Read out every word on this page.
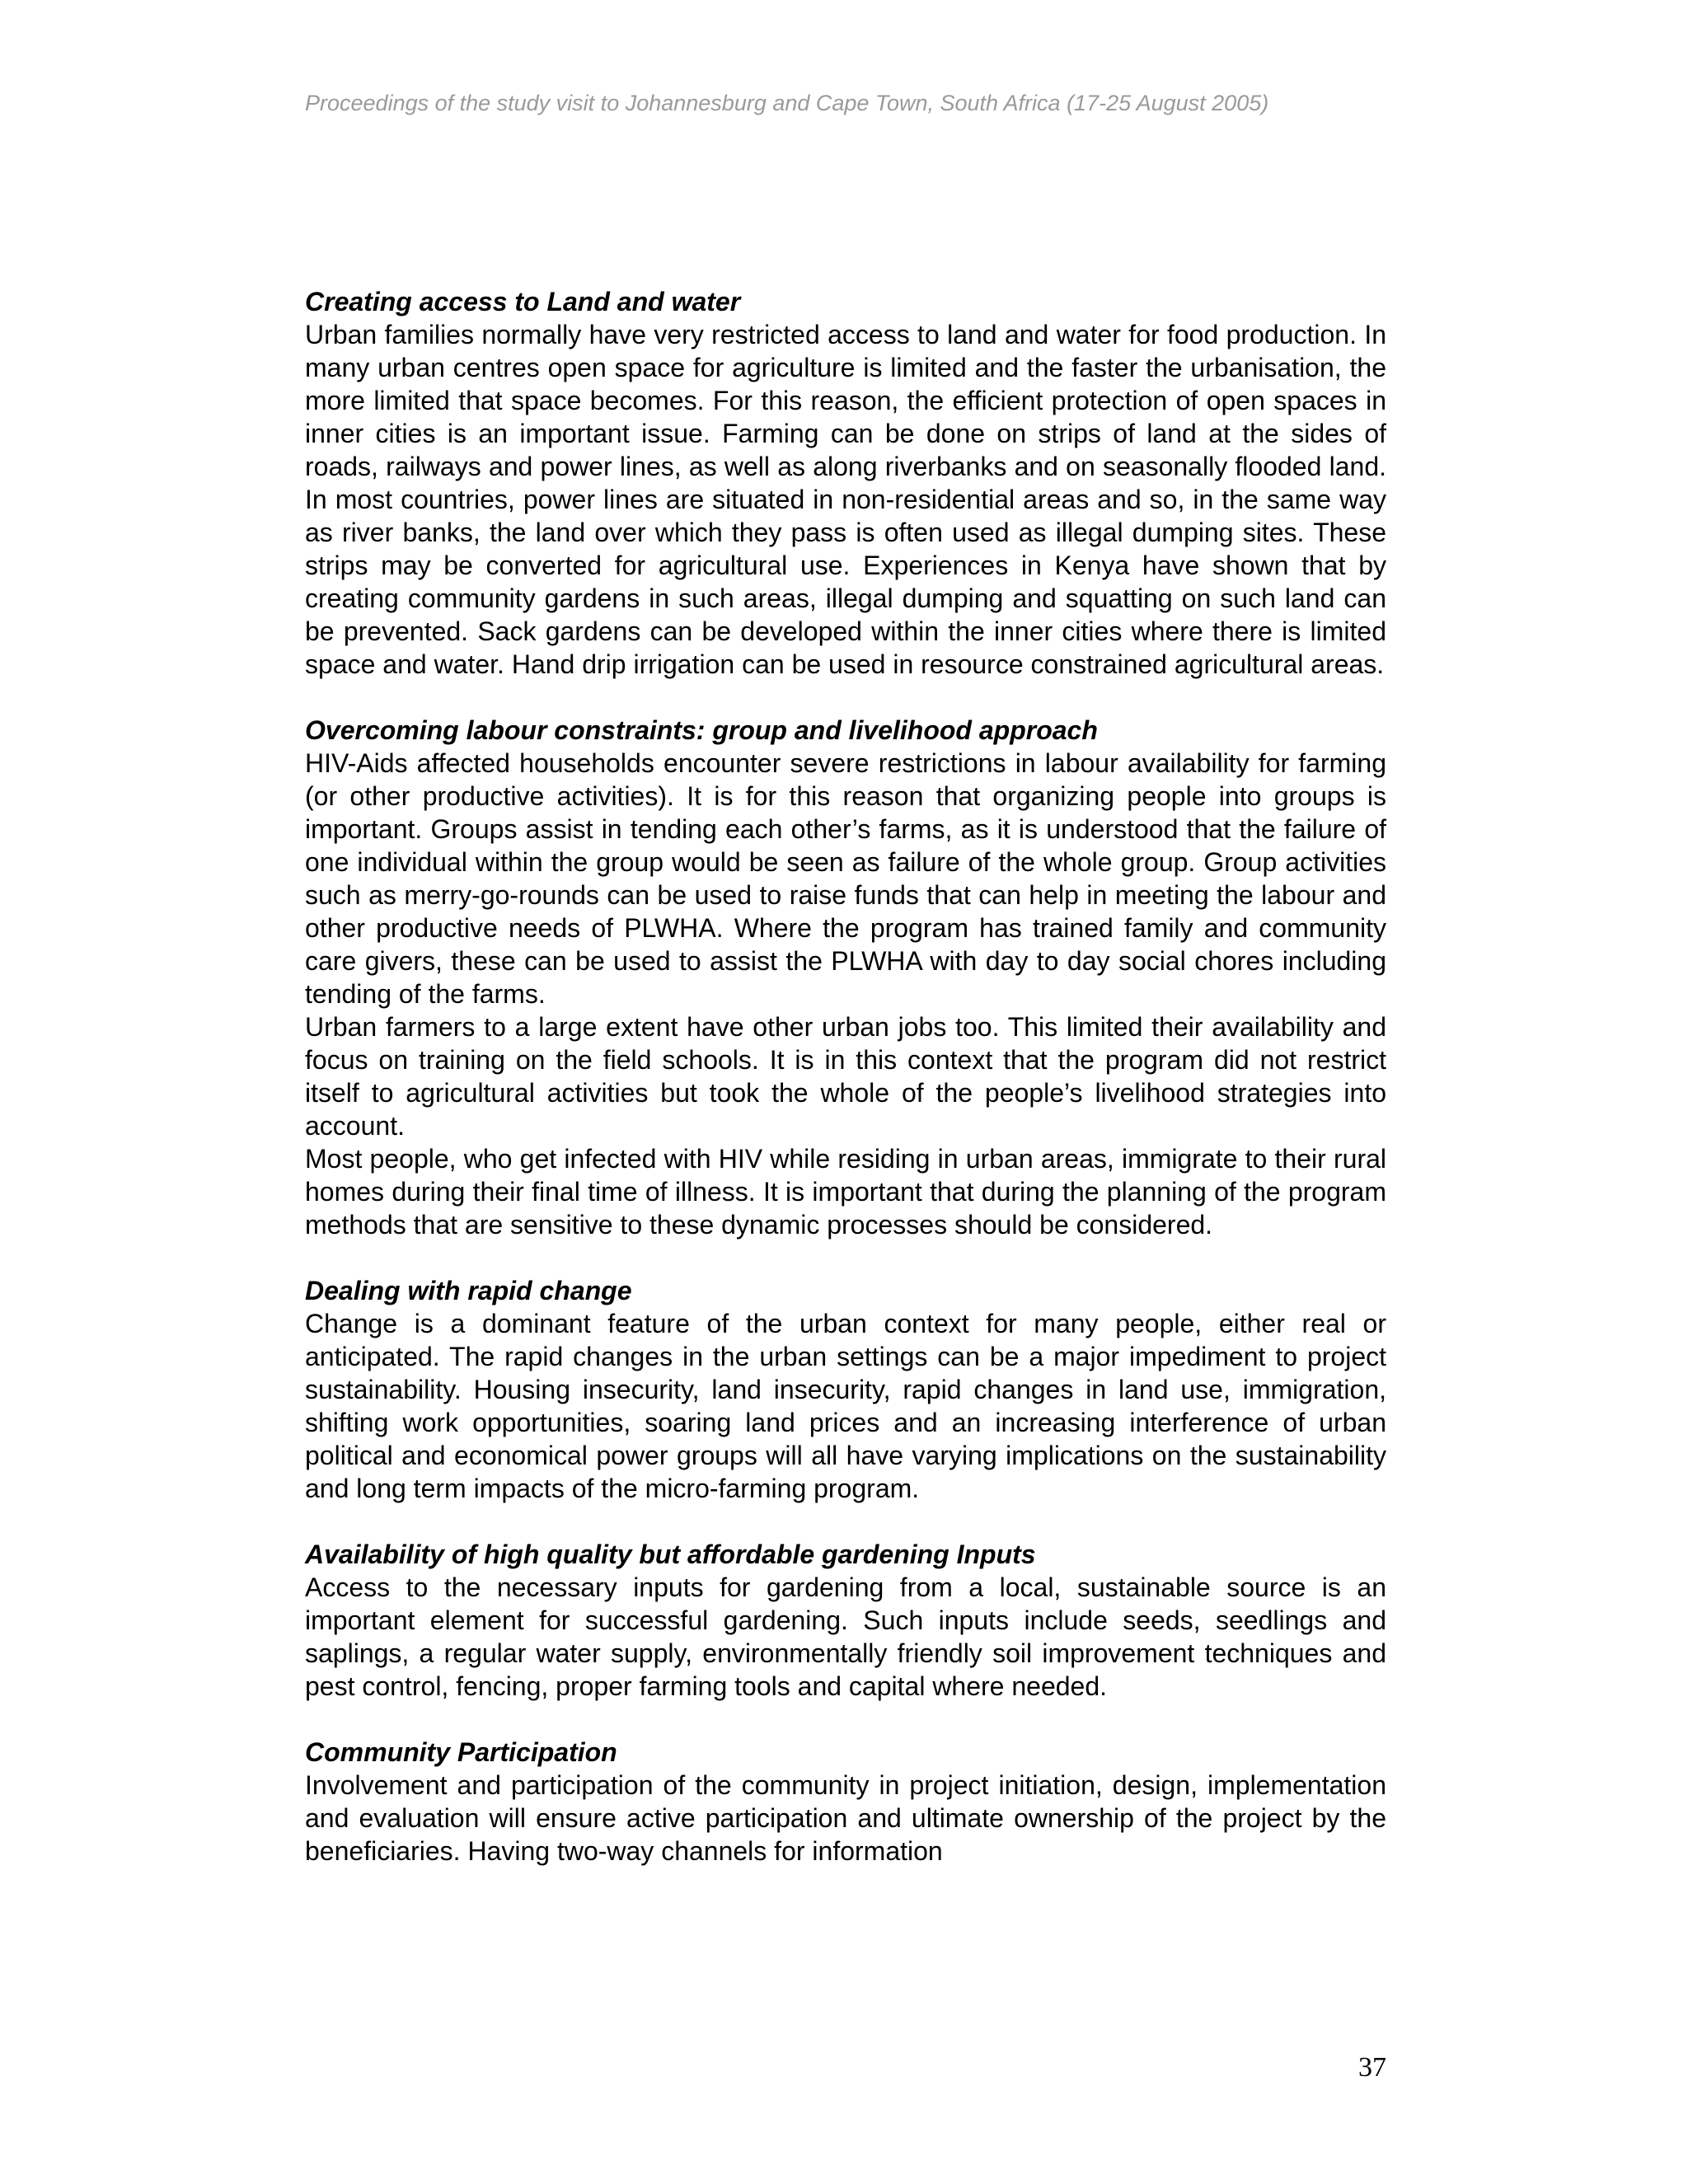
Proceedings of the study visit to Johannesburg and Cape Town, South Africa (17-25 August 2005)

Creating access to Land and water

Urban families normally have very restricted access to land and water for food production. In many urban centres open space for agriculture is limited and the faster the urbanisation, the more limited that space becomes. For this reason, the efficient protection of open spaces in inner cities is an important issue. Farming can be done on strips of land at the sides of roads, railways and power lines, as well as along riverbanks and on seasonally flooded land. In most countries, power lines are situated in non-residential areas and so, in the same way as river banks, the land over which they pass is often used as illegal dumping sites. These strips may be converted for agricultural use. Experiences in Kenya have shown that by creating community gardens in such areas, illegal dumping and squatting on such land can be prevented. Sack gardens can be developed within the inner cities where there is limited space and water. Hand drip irrigation can be used in resource constrained agricultural areas.

Overcoming labour constraints: group and livelihood approach

HIV-Aids affected households encounter severe restrictions in labour availability for farming (or other productive activities). It is for this reason that organizing people into groups is important. Groups assist in tending each other’s farms, as it is understood that the failure of one individual within the group would be seen as failure of the whole group. Group activities such as merry-go-rounds can be used to raise funds that can help in meeting the labour and other productive needs of PLWHA. Where the program has trained family and community care givers, these can be used to assist the PLWHA with day to day social chores including tending of the farms.

Urban farmers to a large extent have other urban jobs too. This limited their availability and focus on training on the field schools. It is in this context that the program did not restrict itself to agricultural activities but took the whole of the people’s livelihood strategies into account.

Most people, who get infected with HIV while residing in urban areas, immigrate to their rural homes during their final time of illness. It is important that during the planning of the program methods that are sensitive to these dynamic processes should be considered.

Dealing with rapid change

Change is a dominant feature of the urban context for many people, either real or anticipated. The rapid changes in the urban settings can be a major impediment to project sustainability. Housing insecurity, land insecurity, rapid changes in land use, immigration, shifting work opportunities, soaring land prices and an increasing interference of urban political and economical power groups will all have varying implications on the sustainability and long term impacts of the micro-farming program.

Availability of high quality but affordable gardening Inputs

Access to the necessary inputs for gardening from a local, sustainable source is an important element for successful gardening. Such inputs include seeds, seedlings and saplings, a regular water supply, environmentally friendly soil improvement techniques and pest control, fencing, proper farming tools and capital where needed.

Community Participation

Involvement and participation of the community in project initiation, design, implementation and evaluation will ensure active participation and ultimate ownership of the project by the beneficiaries. Having two-way channels for information

37
